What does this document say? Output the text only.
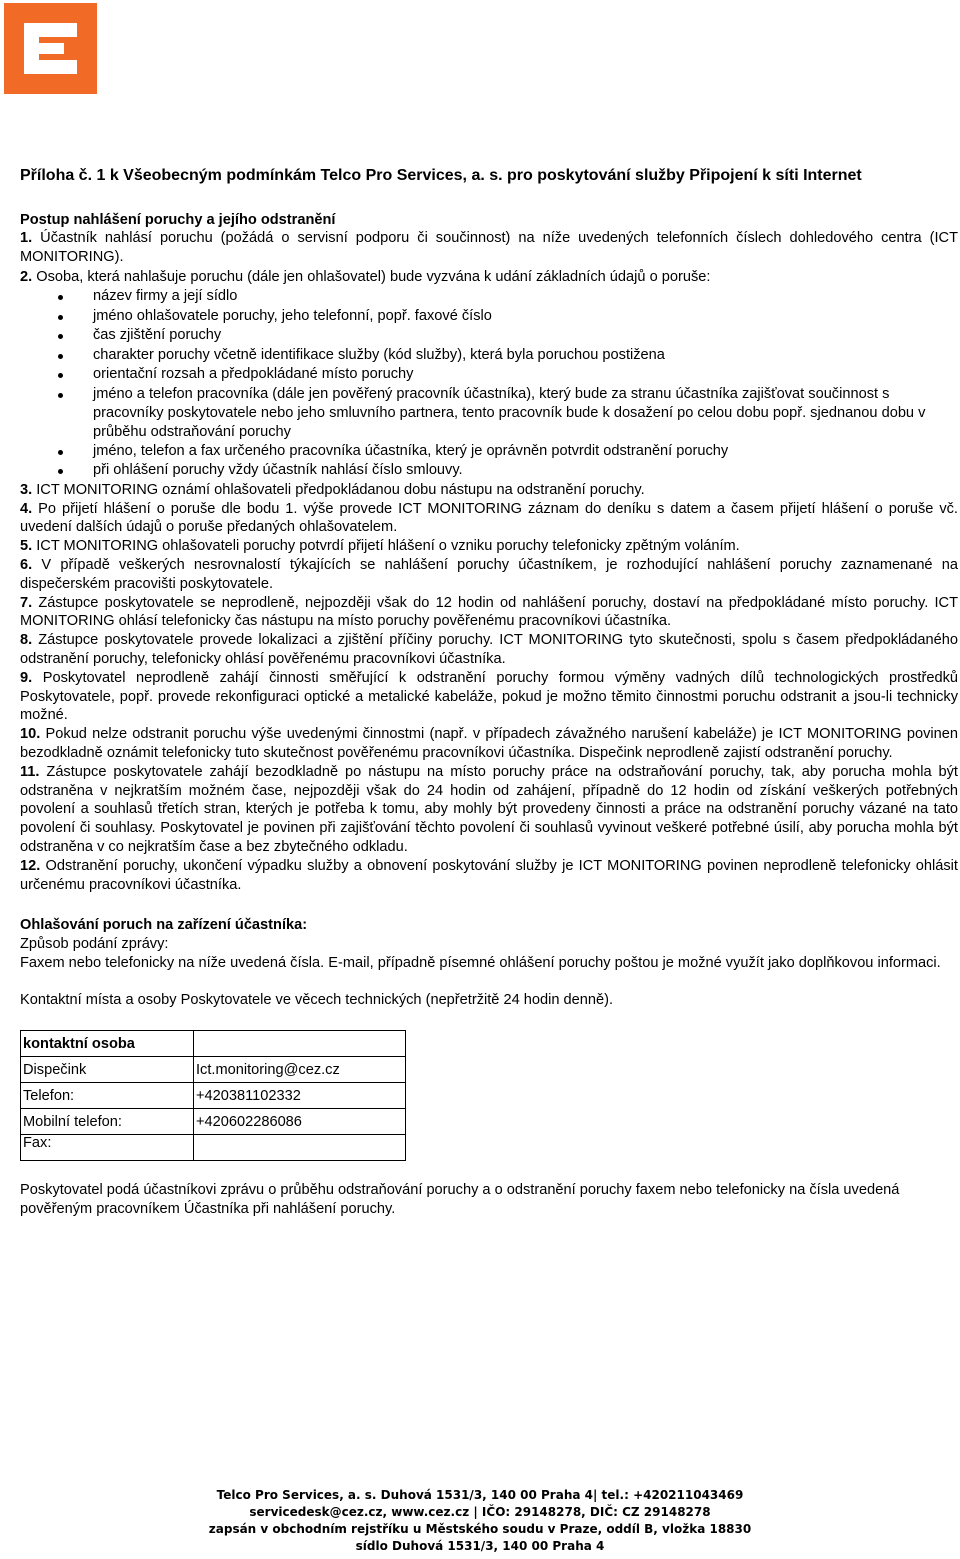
Příloha č. 1 k Všeobecným podmínkám Telco Pro Services, a. s. pro poskytování služby Připojení k síti Internet
Postup nahlášení poruchy a jejího odstranění

1. Účastník nahlásí poruchu (požádá o servisní podporu či součinnost) na níže uvedených telefonních číslech dohledového centra (ICT MONITORING).

2. Osoba, která nahlašuje poruchu (dále jen ohlašovatel) bude vyzvána k udání základních údajů o poruše:

název firmy a její sídlo
jméno ohlašovatele poruchy, jeho telefonní, popř. faxové číslo
čas zjištění poruchy
charakter poruchy včetně identifikace služby (kód služby), která byla poruchou postižena
orientační rozsah a předpokládané místo poruchy
jméno a telefon pracovníka (dále jen pověřený pracovník účastníka), který bude za stranu účastníka zajišťovat součinnost s pracovníky poskytovatele nebo jeho smluvního partnera, tento pracovník bude k dosažení po celou dobu popř. sjednanou dobu v průběhu odstraňování poruchy
jméno, telefon a fax určeného pracovníka účastníka, který je oprávněn potvrdit odstranění poruchy
při ohlášení poruchy vždy účastník nahlásí číslo smlouvy.

3. ICT MONITORING oznámí ohlašovateli předpokládanou dobu nástupu na odstranění poruchy.

4. Po přijetí hlášení o poruše dle bodu 1. výše provede ICT MONITORING záznam do deníku s datem a časem přijetí hlášení o poruše vč. uvedení dalších údajů o poruše předaných ohlašovatelem.

5. ICT MONITORING ohlašovateli poruchy potvrdí přijetí hlášení o vzniku poruchy telefonicky zpětným voláním.

6. V případě veškerých nesrovnalostí týkajících se nahlášení poruchy účastníkem, je rozhodující nahlášení poruchy zaznamenané na dispečerském pracovišti poskytovatele.

7. Zástupce poskytovatele se neprodleně, nejpozději však do 12 hodin od nahlášení poruchy, dostaví na předpokládané místo poruchy. ICT MONITORING ohlásí telefonicky čas nástupu na místo poruchy pověřenému pracovníkovi účastníka.

8. Zástupce poskytovatele provede lokalizaci a zjištění příčiny poruchy. ICT MONITORING tyto skutečnosti, spolu s časem předpokládaného odstranění poruchy, telefonicky ohlásí pověřenému pracovníkovi účastníka.

9. Poskytovatel neprodleně zahájí činnosti směřující k odstranění poruchy formou výměny vadných dílů technologických prostředků Poskytovatele, popř. provede rekonfiguraci optické a metalické kabeláže, pokud je možno těmito činnostmi poruchu odstranit a jsou-li technicky možné.

10. Pokud nelze odstranit poruchu výše uvedenými činnostmi (např. v případech závažného narušení kabeláže) je ICT MONITORING povinen bezodkladně oznámit telefonicky tuto skutečnost pověřenému pracovníkovi účastníka. Dispečink neprodleně zajistí odstranění poruchy.

11. Zástupce poskytovatele zahájí bezodkladně po nástupu na místo poruchy práce na odstraňování poruchy, tak, aby porucha mohla být odstraněna v nejkratším možném čase, nejpozději však do 24 hodin od zahájení, případně do 12 hodin od získání veškerých potřebných povolení a souhlasů třetích stran, kterých je potřeba k tomu, aby mohly být provedeny činnosti a práce na odstranění poruchy vázané na tato povolení či souhlasy. Poskytovatel je povinen při zajišťování těchto povolení či souhlasů vyvinout veškeré potřebné úsilí, aby porucha mohla být odstraněna v co nejkratším čase a bez zbytečného odkladu.

12. Odstranění poruchy, ukončení výpadku služby a obnovení poskytování služby je ICT MONITORING povinen neprodleně telefonicky ohlásit určenému pracovníkovi účastníka.

Ohlašování poruch na zařízení účastníka:
Způsob podání zprávy:
Faxem nebo telefonicky na níže uvedená čísla. E-mail, případně písemné ohlášení poruchy poštou je možné využít jako doplňkovou informaci.
Kontaktní místa a osoby Poskytovatele ve věcech technických (nepřetržitě 24 hodin denně).
kontaktní osoba	
Dispečink	Ict.monitoring@cez.cz
Telefon:	+420381102332
Mobilní telefon:	+420602286086
Fax:	
Poskytovatel podá účastníkovi zprávu o průběhu odstraňování poruchy a o odstranění poruchy faxem nebo telefonicky na čísla uvedená pověřeným pracovníkem Účastníka při nahlášení poruchy.
Telco Pro Services, a. s. Duhová 1531/3, 140 00 Praha 4| tel.: +420211043469
servicedesk@cez.cz, www.cez.cz | IČO: 29148278, DIČ: CZ 29148278
zapsán v obchodním rejstříku u Městského soudu v Praze, oddíl B, vložka 18830
sídlo Duhová 1531/3, 140 00 Praha 4
